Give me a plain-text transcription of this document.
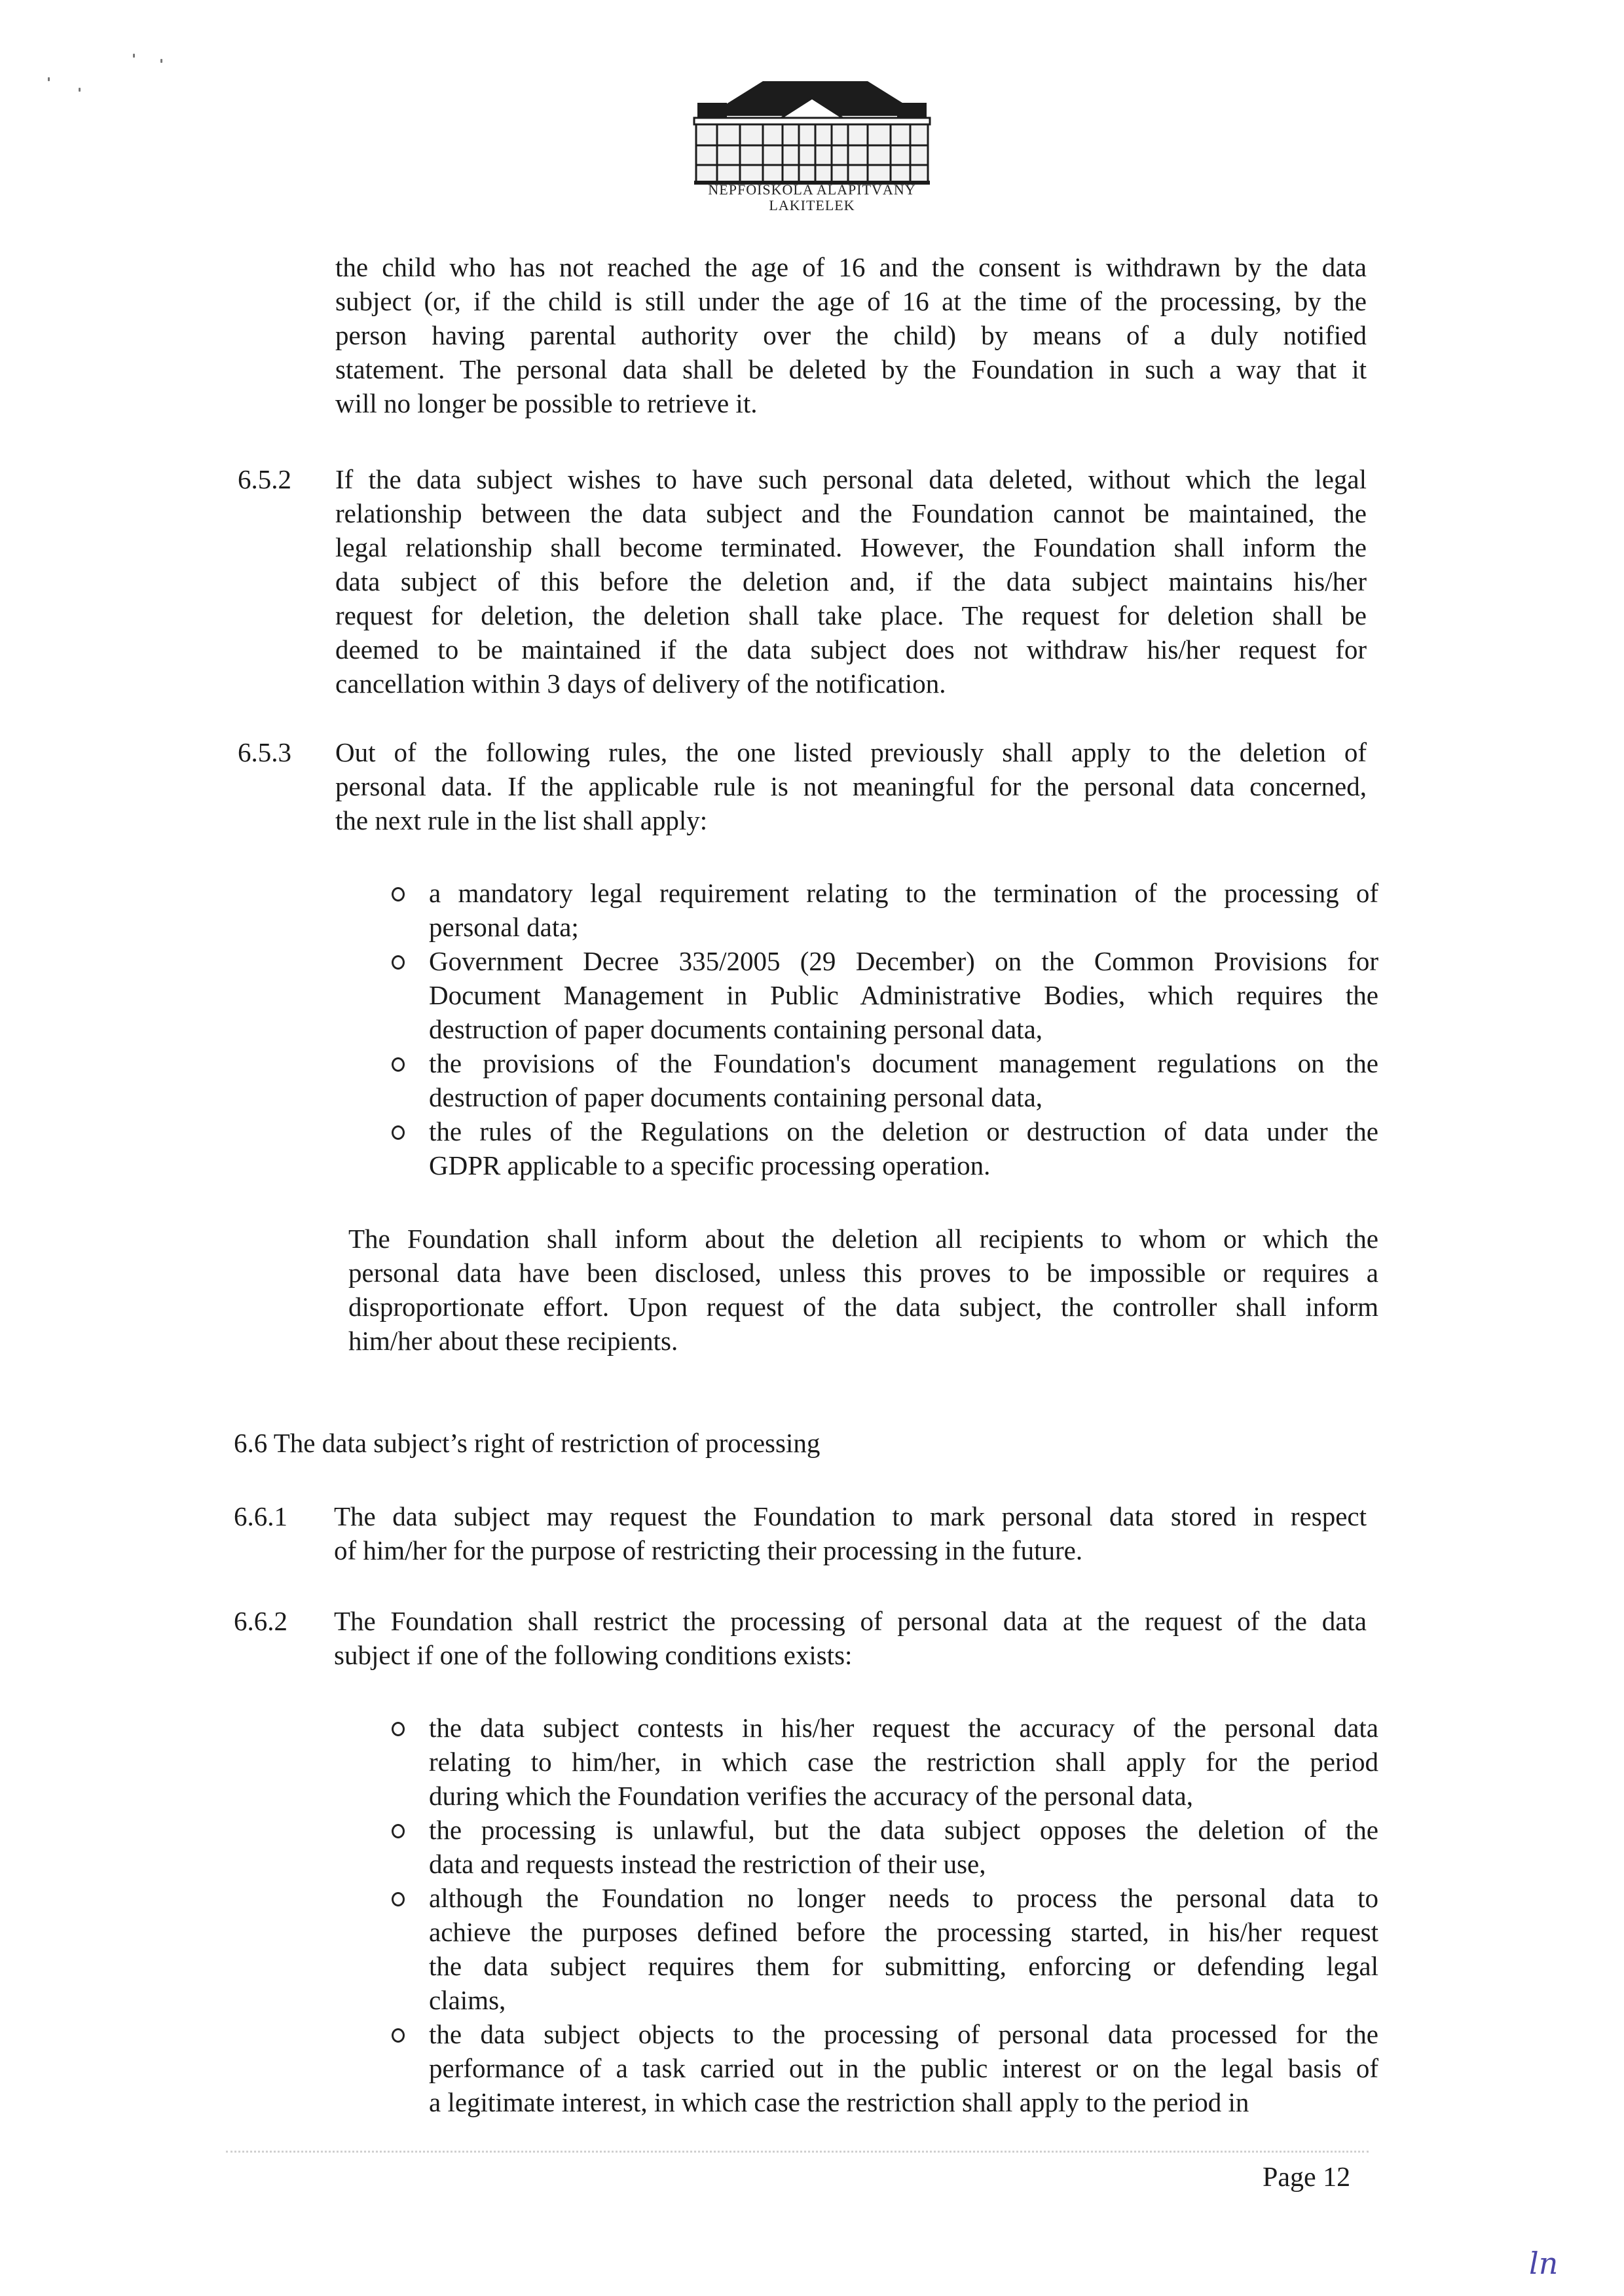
NÉPFŐISKOLA ALAPÍTVÁNY
LAKITELEK
the child who has not reached the age of 16 and the consent is withdrawn by the data
subject (or, if the child is still under the age of 16 at the time of the processing, by the
person having parental authority over the child) by means of a duly notified
statement. The personal data shall be deleted by the Foundation in such a way that it
will no longer be possible to retrieve it.
6.5.2 If the data subject wishes to have such personal data deleted, without which the legal
relationship between the data subject and the Foundation cannot be maintained, the
legal relationship shall become terminated. However, the Foundation shall inform the
data subject of this before the deletion and, if the data subject maintains his/her
request for deletion, the deletion shall take place. The request for deletion shall be
deemed to be maintained if the data subject does not withdraw his/her request for
cancellation within 3 days of delivery of the notification.
6.5.3 Out of the following rules, the one listed previously shall apply to the deletion of
personal data. If the applicable rule is not meaningful for the personal data concerned,
the next rule in the list shall apply:
a mandatory legal requirement relating to the termination of the processing of
personal data;
Government Decree 335/2005 (29 December) on the Common Provisions for
Document Management in Public Administrative Bodies, which requires the
destruction of paper documents containing personal data,
the provisions of the Foundation's document management regulations on the
destruction of paper documents containing personal data,
the rules of the Regulations on the deletion or destruction of data under the
GDPR applicable to a specific processing operation.
The Foundation shall inform about the deletion all recipients to whom or which the
personal data have been disclosed, unless this proves to be impossible or requires a
disproportionate effort. Upon request of the data subject, the controller shall inform
him/her about these recipients.
6.6 The data subject’s right of restriction of processing
6.6.1 The data subject may request the Foundation to mark personal data stored in respect
of him/her for the purpose of restricting their processing in the future.
6.6.2 The Foundation shall restrict the processing of personal data at the request of the data
subject if one of the following conditions exists:
the data subject contests in his/her request the accuracy of the personal data
relating to him/her, in which case the restriction shall apply for the period
during which the Foundation verifies the accuracy of the personal data,
the processing is unlawful, but the data subject opposes the deletion of the
data and requests instead the restriction of their use,
although the Foundation no longer needs to process the personal data to
achieve the purposes defined before the processing started, in his/her request
the data subject requires them for submitting, enforcing or defending legal
claims,
the data subject objects to the processing of personal data processed for the
performance of a task carried out in the public interest or on the legal basis of
a legitimate interest, in which case the restriction shall apply to the period in
Page 12
ln
